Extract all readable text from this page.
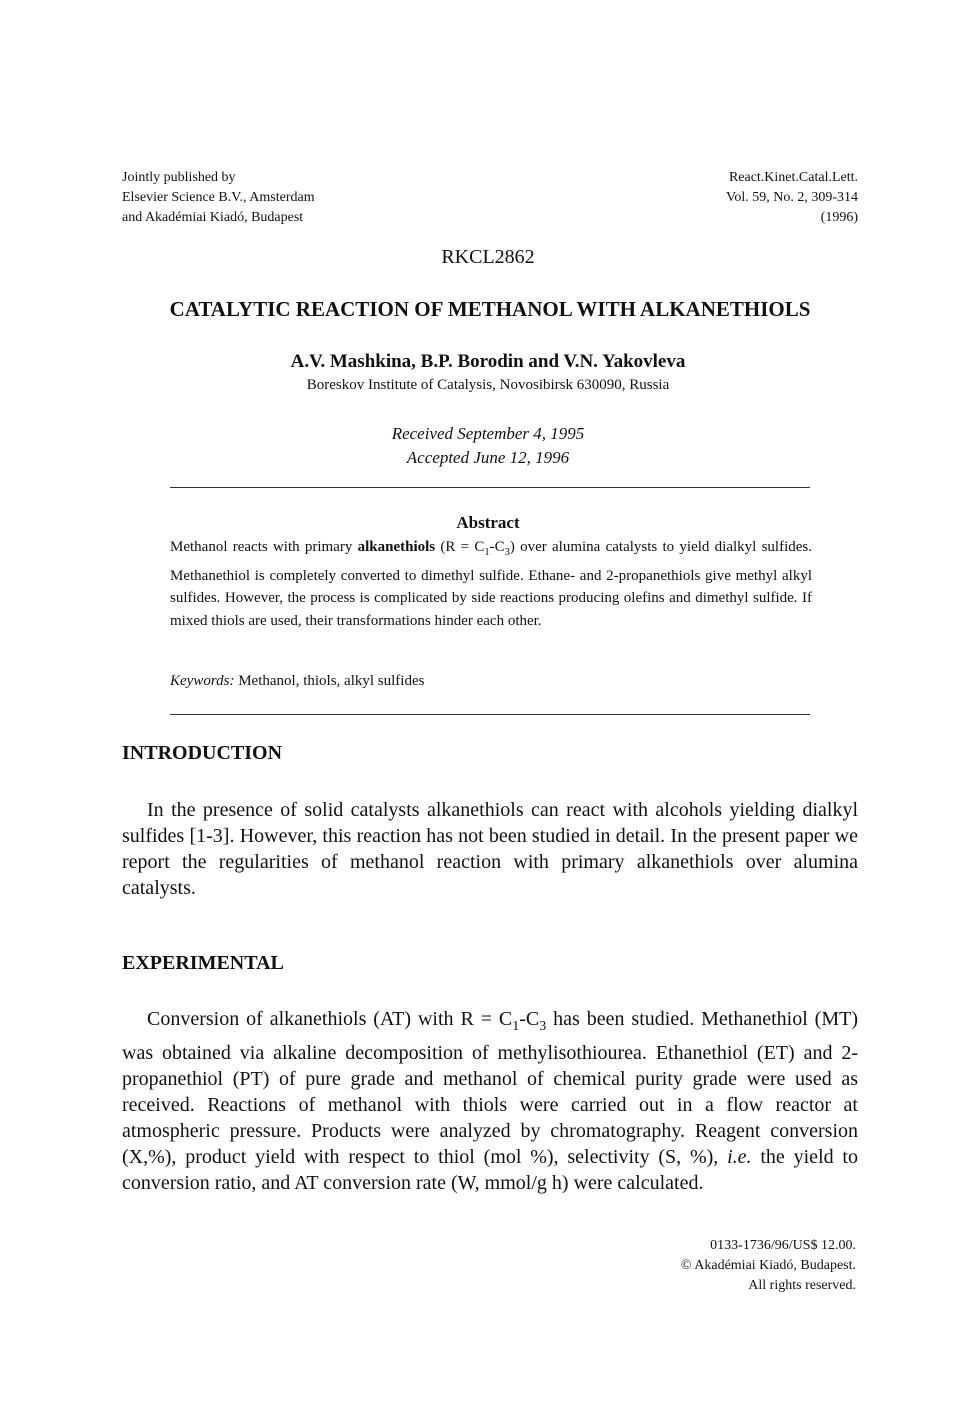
Jointly published by
Elsevier Science B.V., Amsterdam
and Akadémiai Kiadó, Budapest
React.Kinet.Catal.Lett.
Vol. 59, No. 2, 309-314
(1996)
RKCL2862
CATALYTIC REACTION OF METHANOL WITH ALKANETHIOLS
A.V. Mashkina, B.P. Borodin and V.N. Yakovleva
Boreskov Institute of Catalysis, Novosibirsk 630090, Russia
Received September 4, 1995
Accepted June 12, 1996
Abstract
Methanol reacts with primary alkanethiols $(R = C_1-C_3)$ over alumina catalysts to yield dialkyl sulfides. Methanethiol is completely converted to dimethyl sulfide. Ethane- and 2-propanethiols give methyl alkyl sulfides. However, the process is complicated by side reactions producing olefins and dimethyl sulfide. If mixed thiols are used, their transformations hinder each other.
Keywords: Methanol, thiols, alkyl sulfides
INTRODUCTION
In the presence of solid catalysts alkanethiols can react with alcohols yielding dialkyl sulfides [1-3]. However, this reaction has not been studied in detail. In the present paper we report the regularities of methanol reaction with primary alkanethiols over alumina catalysts.
EXPERIMENTAL
Conversion of alkanethiols (AT) with $R = C_1-C_3$ has been studied. Methanethiol (MT) was obtained via alkaline decomposition of methylisothiourea. Ethanethiol (ET) and 2-propanethiol (PT) of pure grade and methanol of chemical purity grade were used as received. Reactions of methanol with thiols were carried out in a flow reactor at atmospheric pressure. Products were analyzed by chromatography. Reagent conversion (X,%), product yield with respect to thiol (mol %), selectivity (S, %), i.e. the yield to conversion ratio, and AT conversion rate (W, mmol/g h) were calculated.
0133-1736/96/US$ 12.00.
© Akadémiai Kiadó, Budapest.
All rights reserved.
